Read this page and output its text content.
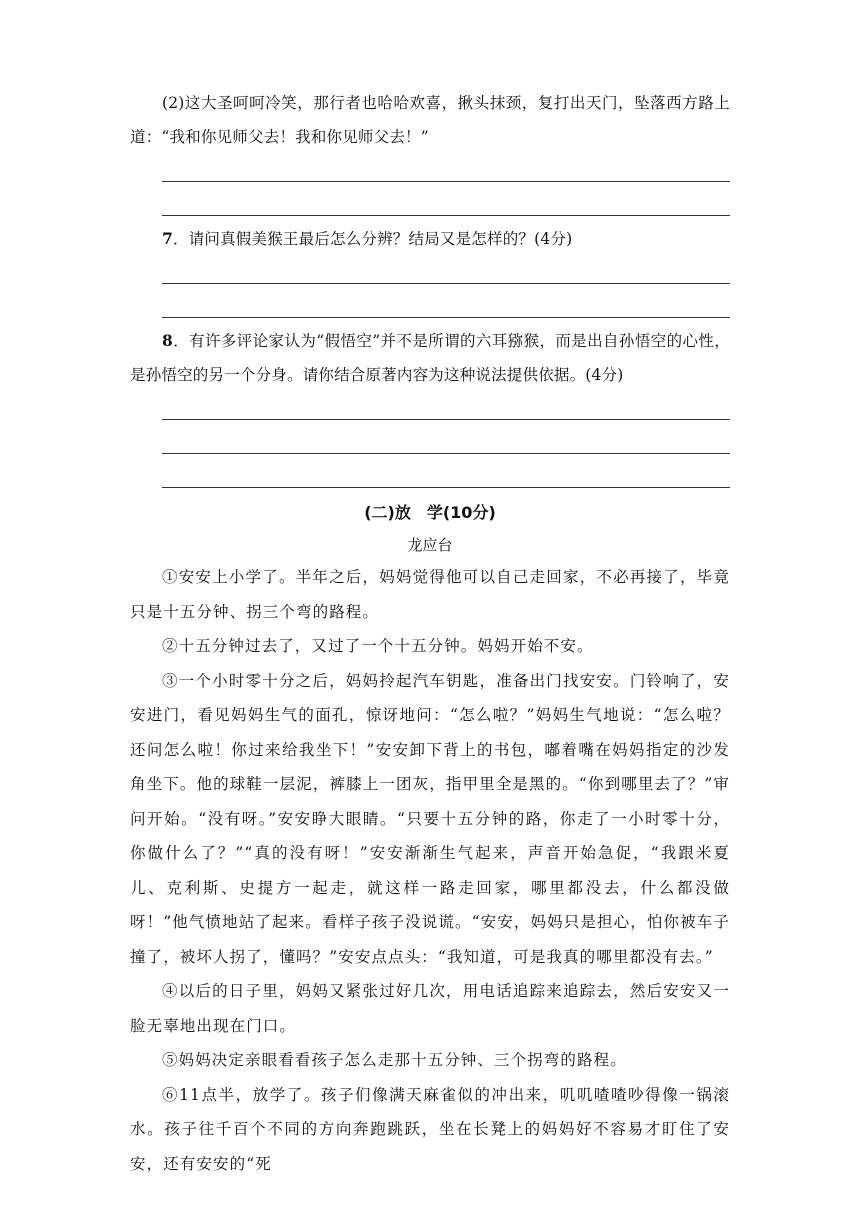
(2)这大圣呵呵冷笑，那行者也哈哈欢喜，揪头抹颈，复打出天门，坠落西方路上道：“我和你见师父去！我和你见师父去！”

7．请问真假美猴王最后怎么分辨？结局又是怎样的？(4分)

8．有许多评论家认为“假悟空”并不是所谓的六耳猕猴，而是出自孙悟空的心性，是孙悟空的另一个分身。请你结合原著内容为这种说法提供依据。(4分)

(二)放　学(10分)

龙应台

①安安上小学了。半年之后，妈妈觉得他可以自己走回家，不必再接了，毕竟只是十五分钟、拐三个弯的路程。

②十五分钟过去了，又过了一个十五分钟。妈妈开始不安。

③一个小时零十分之后，妈妈拎起汽车钥匙，准备出门找安安。门铃响了，安安进门，看见妈妈生气的面孔，惊讶地问：“怎么啦？”妈妈生气地说：“怎么啦？还问怎么啦！你过来给我坐下！”安安卸下背上的书包，嘟着嘴在妈妈指定的沙发角坐下。他的球鞋一层泥，裤膝上一团灰，指甲里全是黑的。“你到哪里去了？”审问开始。“没有呀。”安安睁大眼睛。“只要十五分钟的路，你走了一小时零十分，你做什么了？”“真的没有呀！”安安渐渐生气起来，声音开始急促，“我跟米夏儿、克利斯、史提方一起走，就这样一路走回家，哪里都没去，什么都没做呀！”他气愤地站了起来。看样子孩子没说谎。“安安，妈妈只是担心，怕你被车子撞了，被坏人拐了，懂吗？”安安点点头：“我知道，可是我真的哪里都没有去。”

④以后的日子里，妈妈又紧张过好几次，用电话追踪来追踪去，然后安安又一脸无辜地出现在门口。

⑤妈妈决定亲眼看看孩子怎么走那十五分钟、三个拐弯的路程。

⑥11点半，放学了。孩子们像满天麻雀似的冲出来，叽叽喳喳吵得像一锅滚水。孩子往千百个不同的方向奔跑跳跃，坐在长凳上的妈妈好不容易才盯住了安安，还有安安的“死
